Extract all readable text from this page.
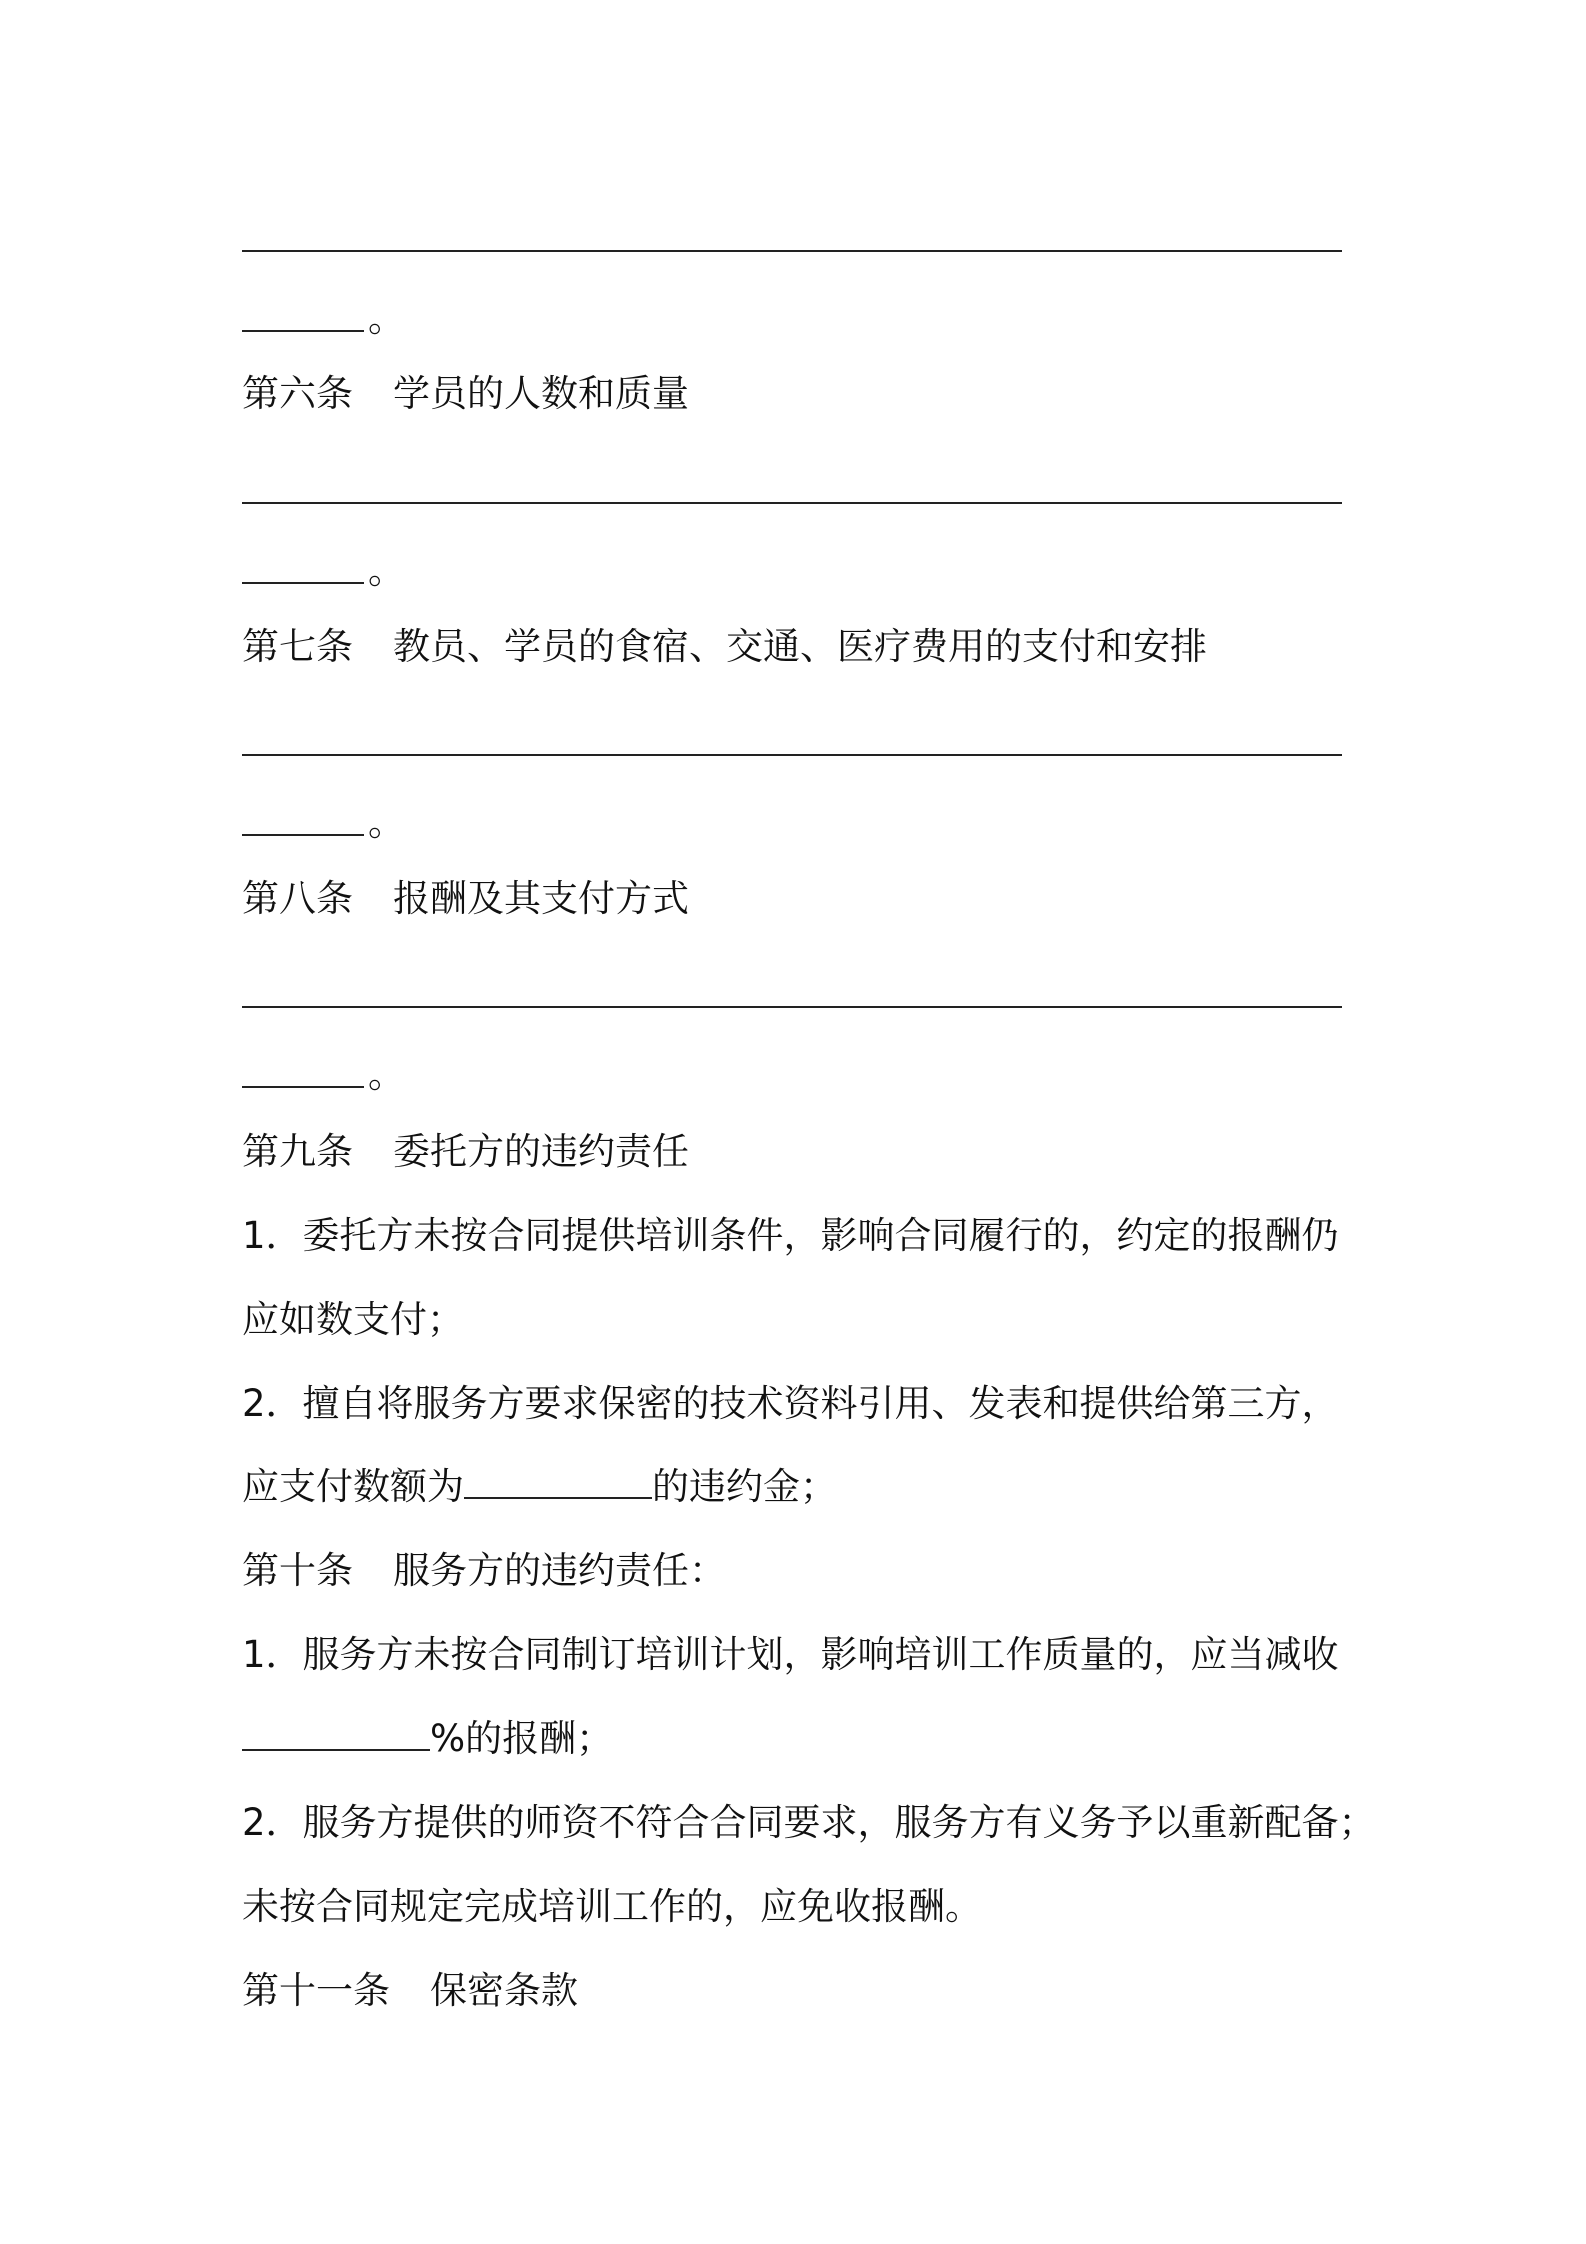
。
第六条 学员的人数和质量
。
第七条 教员、学员的食宿、交通、医疗费用的支付和安排
。
第八条 报酬及其支付方式
。
第九条 委托方的违约责任
1．委托方未按合同提供培训条件，影响合同履行的，约定的报酬仍
应如数支付；
2．擅自将服务方要求保密的技术资料引用、发表和提供给第三方，
应支付数额为	的违约金；
第十条 服务方的违约责任：
1．服务方未按合同制订培训计划，影响培训工作质量的，应当减收
%的报酬；
2．服务方提供的师资不符合合同要求，服务方有义务予以重新配备；
未按合同规定完成培训工作的，应免收报酬。
第十一条 保密条款
